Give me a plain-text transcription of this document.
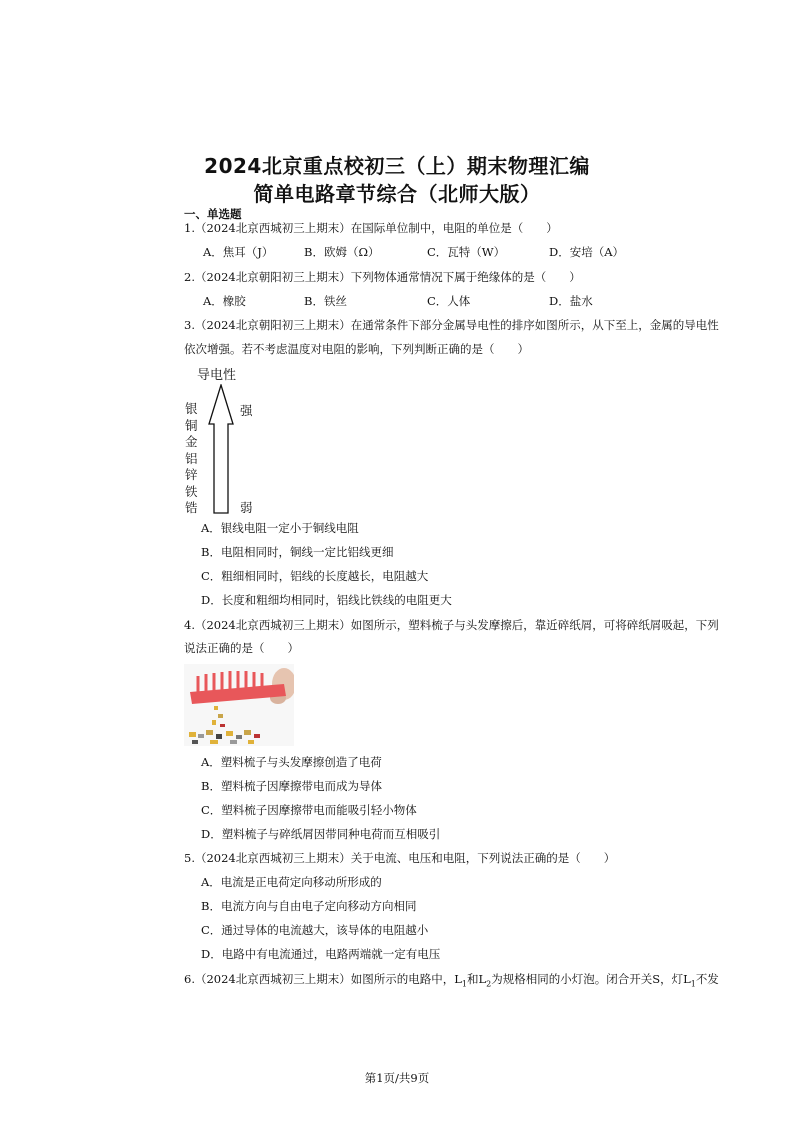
2024北京重点校初三（上）期末物理汇编
简单电路章节综合（北师大版）
一、单选题
1.（2024北京西城初三上期末）在国际单位制中，电阻的单位是（　　）
A．焦耳（J）	B．欧姆（Ω）	C．瓦特（W）	D．安培（A）
2.（2024北京朝阳初三上期末）下列物体通常情况下属于绝缘体的是（　　）
A．橡胶	B．铁丝	C．人体	D．盐水
3.（2024北京朝阳初三上期末）在通常条件下部分金属导电性的排序如图所示，从下至上，金属的导电性
依次增强。若不考虑温度对电阻的影响，下列判断正确的是（　　）
导电性
银
铜
金
铝
锌
铁
锆
强
弱
A．银线电阻一定小于铜线电阻
B．电阻相同时，铜线一定比铝线更细
C．粗细相同时，铝线的长度越长，电阻越大
D．长度和粗细均相同时，铝线比铁线的电阻更大
4.（2024北京西城初三上期末）如图所示，塑料梳子与头发摩擦后，靠近碎纸屑，可将碎纸屑吸起，下列
说法正确的是（　　）
A．塑料梳子与头发摩擦创造了电荷
B．塑料梳子因摩擦带电而成为导体
C．塑料梳子因摩擦带电而能吸引轻小物体
D．塑料梳子与碎纸屑因带同种电荷而互相吸引
5.（2024北京西城初三上期末）关于电流、电压和电阻，下列说法正确的是（　　）
A．电流是正电荷定向移动所形成的
B．电流方向与自由电子定向移动方向相同
C．通过导体的电流越大，该导体的电阻越小
D．电路中有电流通过，电路两端就一定有电压
6.（2024北京西城初三上期末）如图所示的电路中，$L_1$和$L_2$为规格相同的小灯泡。闭合开关S，灯$L_1$不发
第1页/共9页
